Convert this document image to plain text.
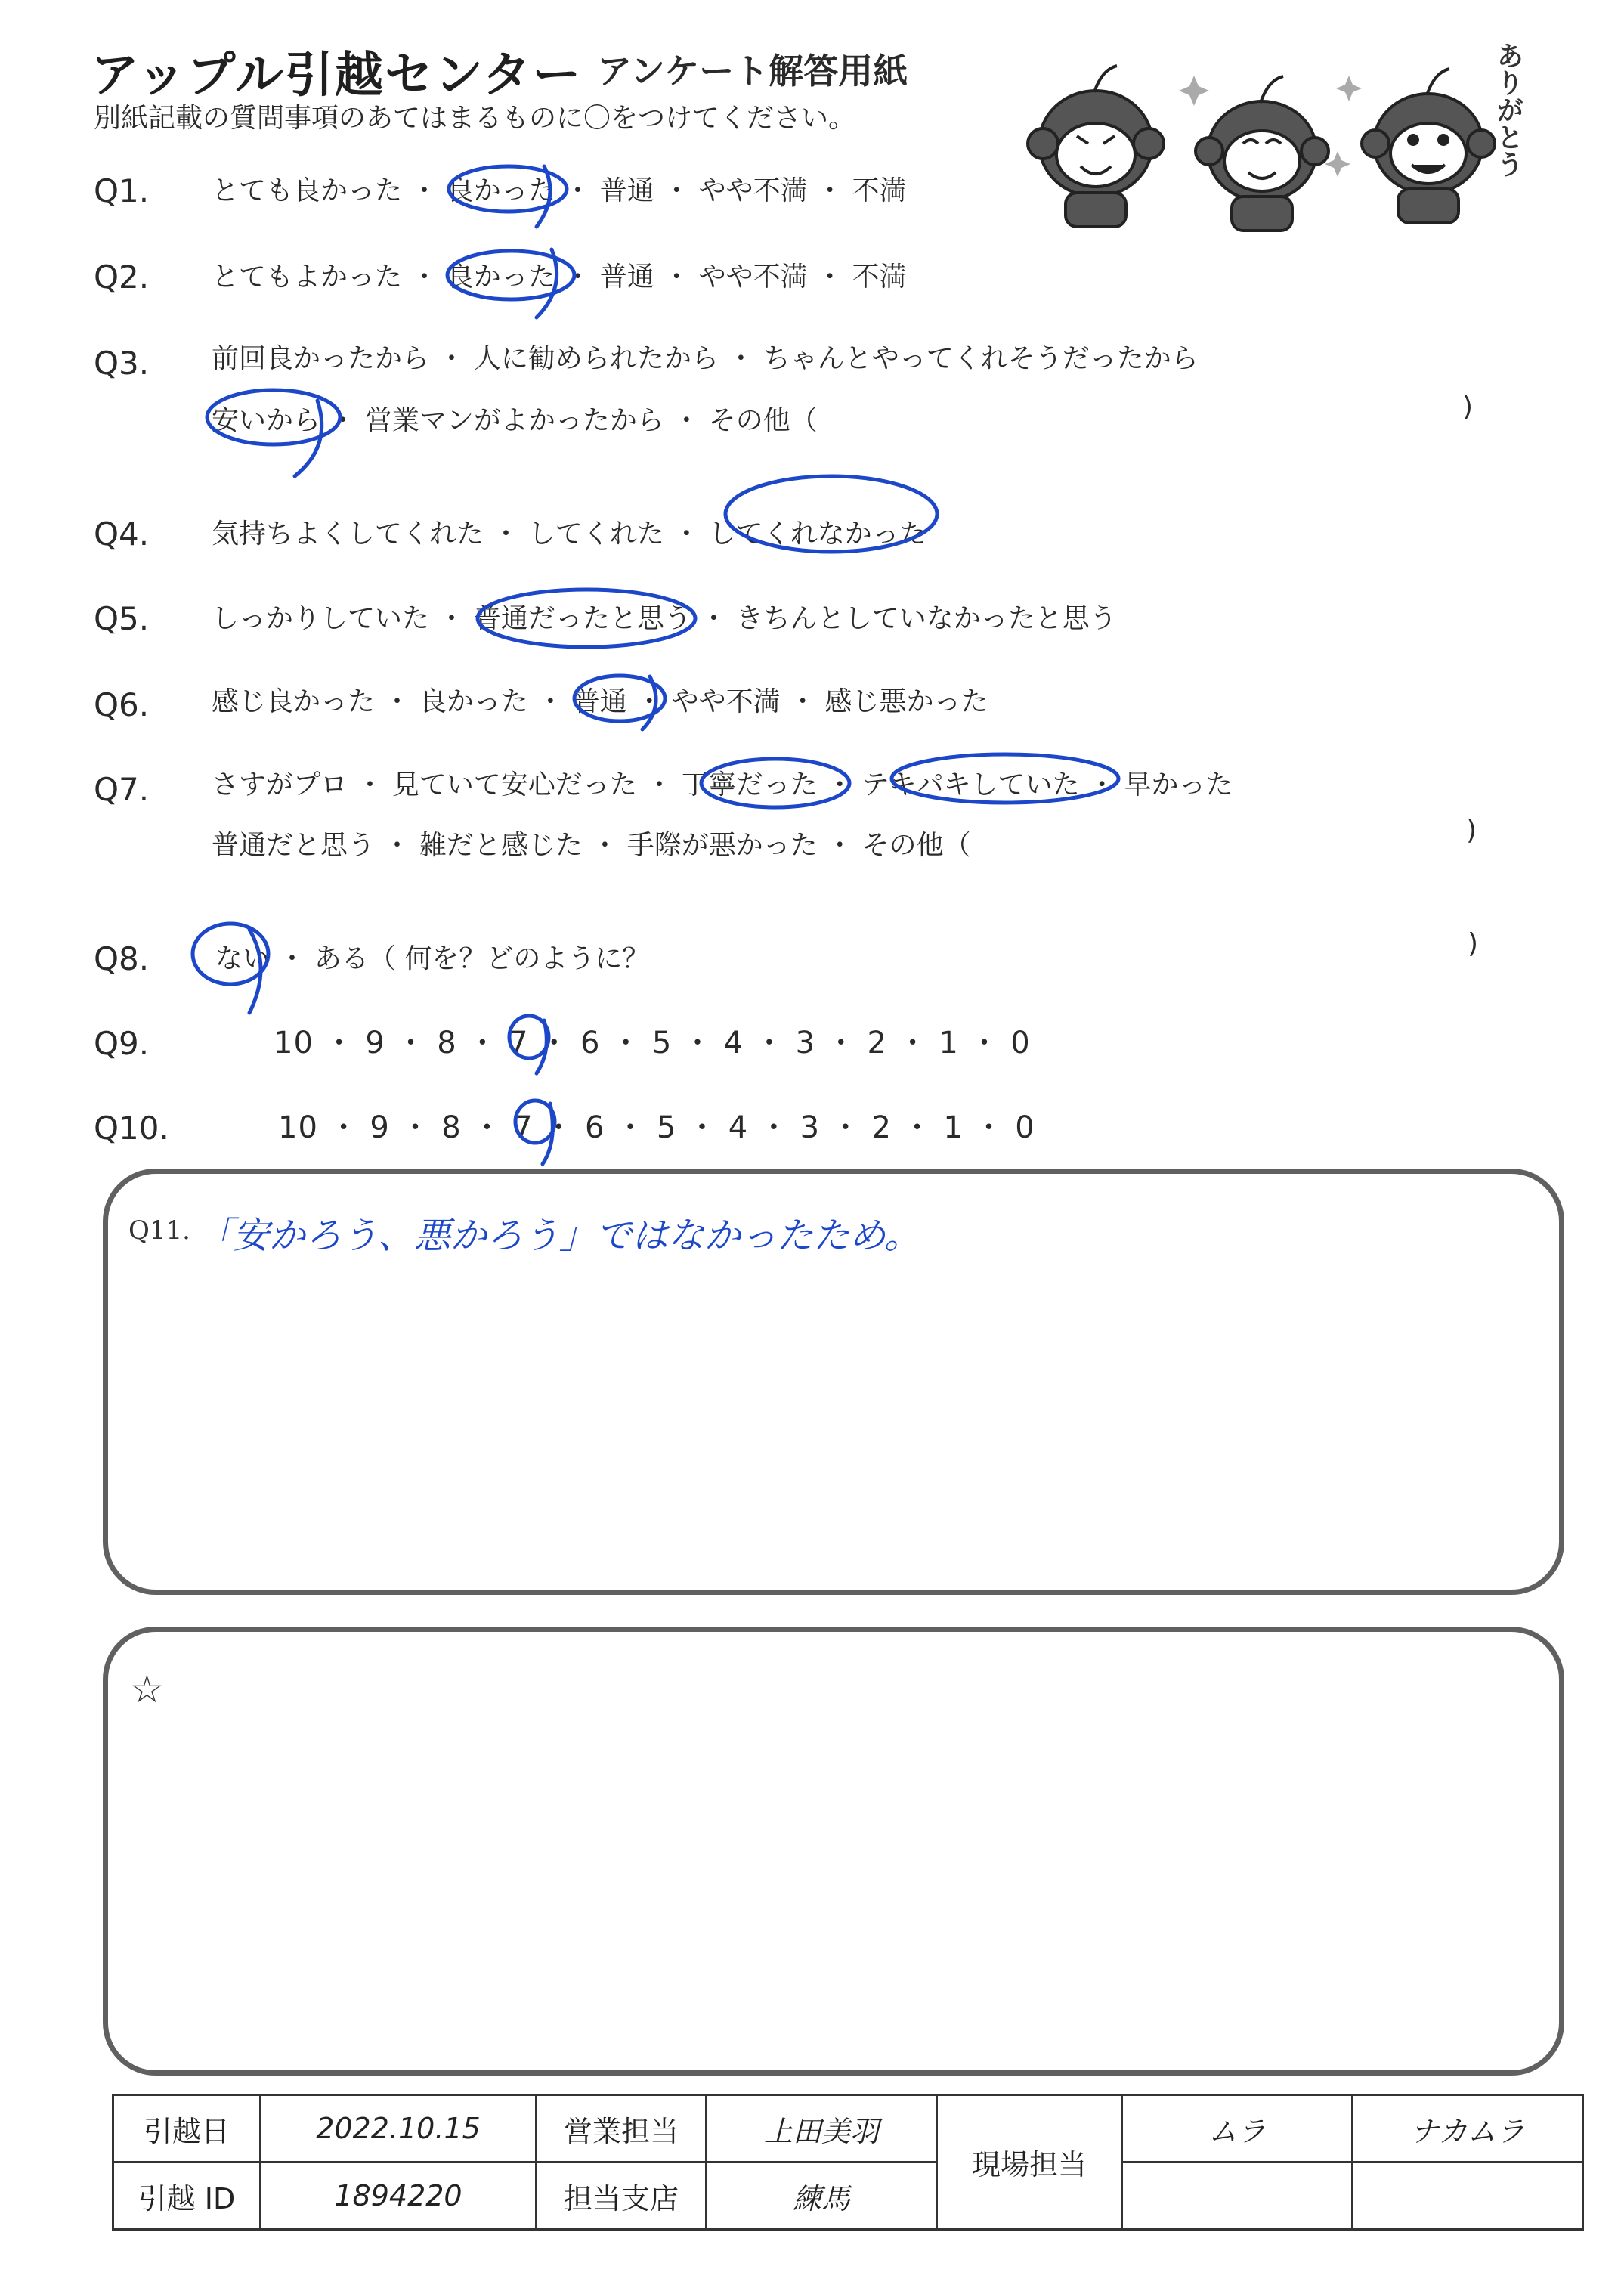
アップル引越センター アンケート解答用紙
別紙記載の質問事項のあてはまるものに〇をつけてください。	ありがとう
Q1. とても良かった ・ 良かった ・ 普通 ・ やや不満 ・ 不満
Q2. とてもよかった ・ 良かった ・ 普通 ・ やや不満 ・ 不満
Q3. 前回良かったから ・ 人に勧められたから ・ ちゃんとやってくれそうだったから
安いから ・ 営業マンがよかったから ・ その他（	)
Q4. 気持ちよくしてくれた ・ してくれた ・ してくれなかった
Q5. しっかりしていた ・ 普通だったと思う ・ きちんとしていなかったと思う
Q6. 感じ良かった ・ 良かった ・ 普通 ・ やや不満 ・ 感じ悪かった
Q7. さすがプロ ・ 見ていて安心だった ・ 丁寧だった ・ テキパキしていた ・ 早かった
普通だと思う ・ 雑だと感じた ・ 手際が悪かった ・ その他（	)
Q8. ない ・ ある（ 何を？どのように？	)
Q9.	10 ・ 9 ・ 8 ・ 7 ・ 6 ・ 5 ・ 4 ・ 3 ・ 2 ・ 1 ・ 0
Q10.	10 ・ 9 ・ 8 ・ 7 ・ 6 ・ 5 ・ 4 ・ 3 ・ 2 ・ 1 ・ 0
Q11. 「安かろう、悪かろう」ではなかったため。
☆
引越日	2022.10.15	営業担当	上田美羽	現場担当	ムラ	ナカムラ
引越 ID	1894220	担当支店	練馬			
